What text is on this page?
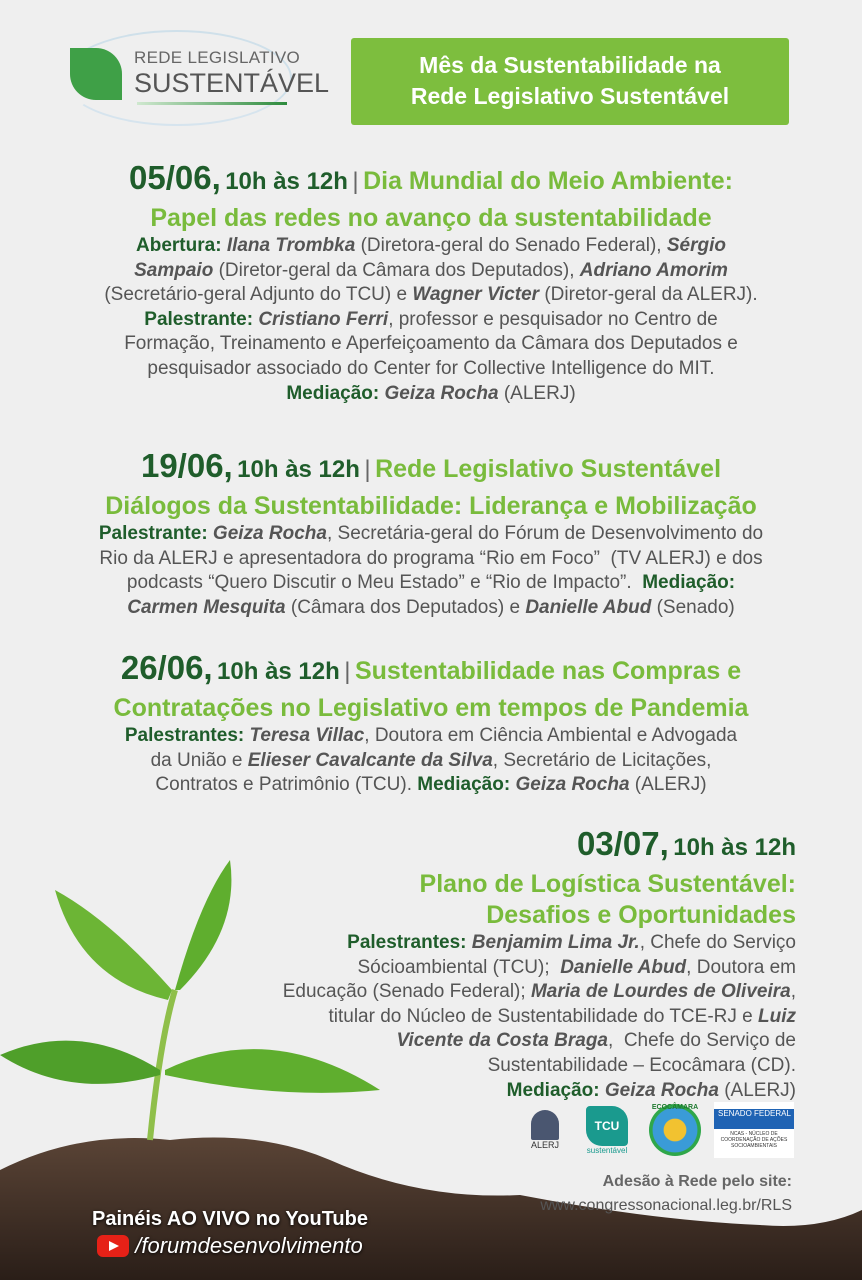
REDE LEGISLATIVO
SUSTENTÁVEL
Mês da Sustentabilidade na
Rede Legislativo Sustentável
05/06, 10h às 12h | Dia Mundial do Meio Ambiente:
Papel das redes no avanço da sustentabilidade
Abertura: Ilana Trombka (Diretora-geral do Senado Federal), Sérgio
Sampaio (Diretor-geral da Câmara dos Deputados), Adriano Amorim
(Secretário-geral Adjunto do TCU) e Wagner Victer (Diretor-geral da ALERJ).
Palestrante: Cristiano Ferri, professor e pesquisador no Centro de
Formação, Treinamento e Aperfeiçoamento da Câmara dos Deputados e
pesquisador associado do Center for Collective Intelligence do MIT.
Mediação: Geiza Rocha (ALERJ)
19/06, 10h às 12h | Rede Legislativo Sustentável
Diálogos da Sustentabilidade: Liderança e Mobilização
Palestrante: Geiza Rocha, Secretária-geral do Fórum de Desenvolvimento do
Rio da ALERJ e apresentadora do programa “Rio em Foco”  (TV ALERJ) e dos
podcasts “Quero Discutir o Meu Estado” e “Rio de Impacto”.  Mediação:
Carmen Mesquita (Câmara dos Deputados) e Danielle Abud (Senado)
26/06, 10h às 12h | Sustentabilidade nas Compras e
Contratações no Legislativo em tempos de Pandemia
Palestrantes: Teresa Villac, Doutora em Ciência Ambiental e Advogada
da União e Elieser Cavalcante da Silva, Secretário de Licitações,
Contratos e Patrimônio (TCU). Mediação: Geiza Rocha (ALERJ)
03/07, 10h às 12h
Plano de Logística Sustentável:
Desafios e Oportunidades
Palestrantes: Benjamim Lima Jr., Chefe do Serviço
Sócioambiental (TCU);  Danielle Abud, Doutora em
Educação (Senado Federal); Maria de Lourdes de Oliveira,
titular do Núcleo de Sustentabilidade do TCE-RJ e Luiz
Vicente da Costa Braga,  Chefe do Serviço de
Sustentabilidade – Ecocâmara (CD).
Mediação: Geiza Rocha (ALERJ)
ALERJ
TCU
sustentável
ECOCÂMARA
SENADO FEDERAL
NCAS - NÚCLEO DE COORDENAÇÃO DE AÇÕES SOCIOAMBIENTAIS
Adesão à Rede pelo site:
www.congressonacional.leg.br/RLS
Painéis AO VIVO no YouTube
/forumdesenvolvimento
